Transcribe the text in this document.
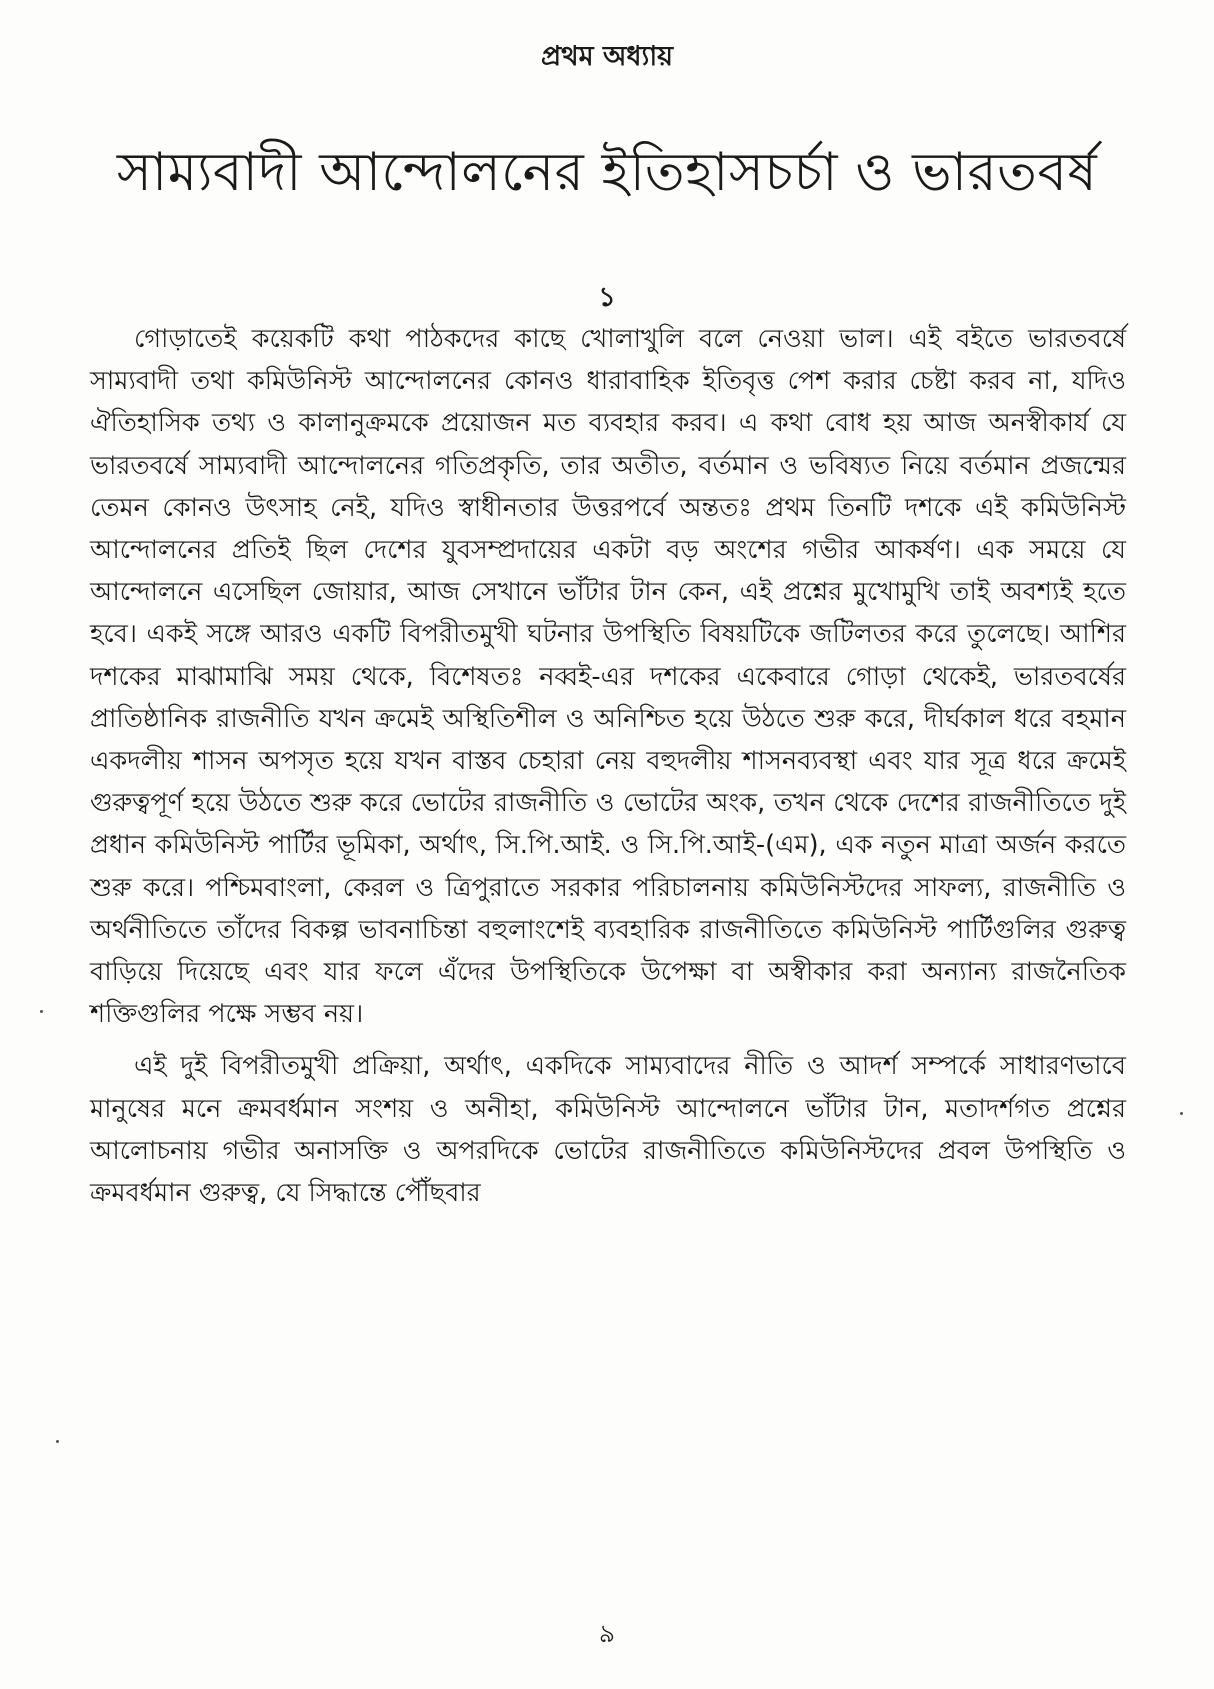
প্রথম অধ্যায়
সাম্যবাদী আন্দোলনের ইতিহাসচর্চা ও ভারতবর্ষ
১

গোড়াতেই কয়েকটি কথা পাঠকদের কাছে খোলাখুলি বলে নেওয়া ভাল। এই বইতে ভারতবর্ষে সাম্যবাদী তথা কমিউনিস্ট আন্দোলনের কোনও ধারাবাহিক ইতিবৃত্ত পেশ করার চেষ্টা করব না, যদিও ঐতিহাসিক তথ্য ও কালানুক্রমকে প্রয়োজন মত ব্যবহার করব। এ কথা বোধ হয় আজ অনস্বীকার্য যে ভারতবর্ষে সাম্যবাদী আন্দোলনের গতিপ্রকৃতি, তার অতীত, বর্তমান ও ভবিষ্যত নিয়ে বর্তমান প্রজন্মের তেমন কোনও উৎসাহ নেই, যদিও স্বাধীনতার উত্তরপর্বে অন্ততঃ প্রথম তিনটি দশকে এই কমিউনিস্ট আন্দোলনের প্রতিই ছিল দেশের যুবসম্প্রদায়ের একটা বড় অংশের গভীর আকর্ষণ। এক সময়ে যে আন্দোলনে এসেছিল জোয়ার, আজ সেখানে ভাঁটার টান কেন, এই প্রশ্নের মুখোমুখি তাই অবশ্যই হতে হবে। একই সঙ্গে আরও একটি বিপরীতমুখী ঘটনার উপস্থিতি বিষয়টিকে জটিলতর করে তুলেছে। আশির দশকের মাঝামাঝি সময় থেকে, বিশেষতঃ নব্বই-এর দশকের একেবারে গোড়া থেকেই, ভারতবর্ষের প্রাতিষ্ঠানিক রাজনীতি যখন ক্রমেই অস্থিতিশীল ও অনিশ্চিত হয়ে উঠতে শুরু করে, দীর্ঘকাল ধরে বহমান একদলীয় শাসন অপসৃত হয়ে যখন বাস্তব চেহারা নেয় বহুদলীয় শাসনব্যবস্থা এবং যার সূত্র ধরে ক্রমেই গুরুত্বপূর্ণ হয়ে উঠতে শুরু করে ভোটের রাজনীতি ও ভোটের অংক, তখন থেকে দেশের রাজনীতিতে দুই প্রধান কমিউনিস্ট পার্টির ভূমিকা, অর্থাৎ, সি.পি.আই. ও সি.পি.আই-(এম), এক নতুন মাত্রা অর্জন করতে শুরু করে। পশ্চিমবাংলা, কেরল ও ত্রিপুরাতে সরকার পরিচালনায় কমিউনিস্টদের সাফল্য, রাজনীতি ও অর্থনীতিতে তাঁদের বিকল্প ভাবনাচিন্তা বহুলাংশেই ব্যবহারিক রাজনীতিতে কমিউনিস্ট পার্টিগুলির গুরুত্ব বাড়িয়ে দিয়েছে এবং যার ফলে এঁদের উপস্থিতিকে উপেক্ষা বা অস্বীকার করা অন্যান্য রাজনৈতিক শক্তিগুলির পক্ষে সম্ভব নয়।

এই দুই বিপরীতমুখী প্রক্রিয়া, অর্থাৎ, একদিকে সাম্যবাদের নীতি ও আদর্শ সম্পর্কে সাধারণভাবে মানুষের মনে ক্রমবর্ধমান সংশয় ও অনীহা, কমিউনিস্ট আন্দোলনে ভাঁটার টান, মতাদর্শগত প্রশ্নের আলোচনায় গভীর অনাসক্তি ও অপরদিকে ভোটের রাজনীতিতে কমিউনিস্টদের প্রবল উপস্থিতি ও ক্রমবর্ধমান গুরুত্ব, যে সিদ্ধান্তে পৌঁছবার

৯
